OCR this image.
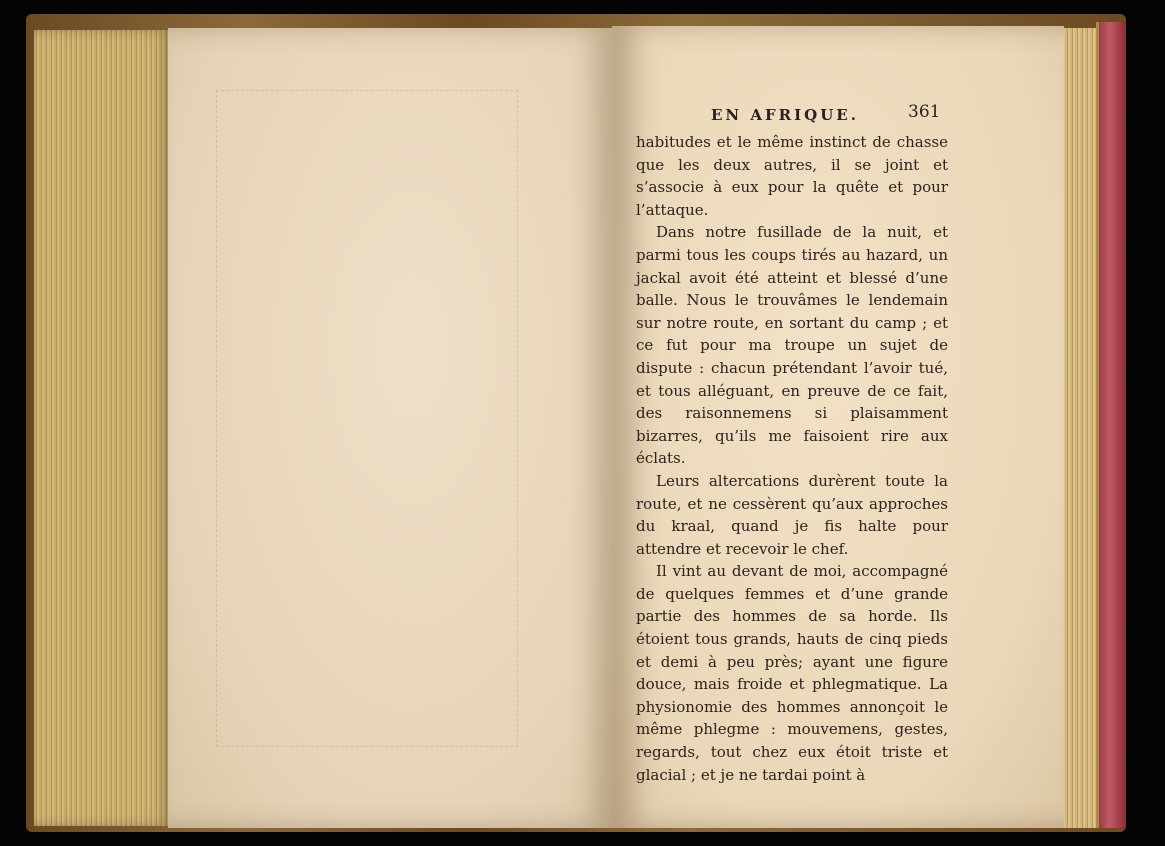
EN AFRIQUE.	361

habitudes et le même instinct de chasse que les deux autres, il se joint et s’associe à eux pour la quête et pour l’attaque.

Dans notre fusillade de la nuit, et parmi tous les coups tirés au hazard, un jackal avoit été atteint et blessé d’une balle. Nous le trouvâmes le lendemain sur notre route, en sortant du camp ; et ce fut pour ma troupe un sujet de dispute : chacun prétendant l’avoir tué, et tous alléguant, en preuve de ce fait, des raisonnemens si plaisamment bizarres, qu’ils me faisoient rire aux éclats.

Leurs altercations durèrent toute la route, et ne cessèrent qu’aux approches du kraal, quand je fis halte pour attendre et recevoir le chef.

Il vint au devant de moi, accompagné de quelques femmes et d’une grande partie des hommes de sa horde. Ils étoient tous grands, hauts de cinq pieds et demi à peu près; ayant une figure douce, mais froide et phlegmatique. La physionomie des hommes annonçoit le même phlegme : mouvemens, gestes, regards, tout chez eux étoit triste et glacial ; et je ne tardai point à
